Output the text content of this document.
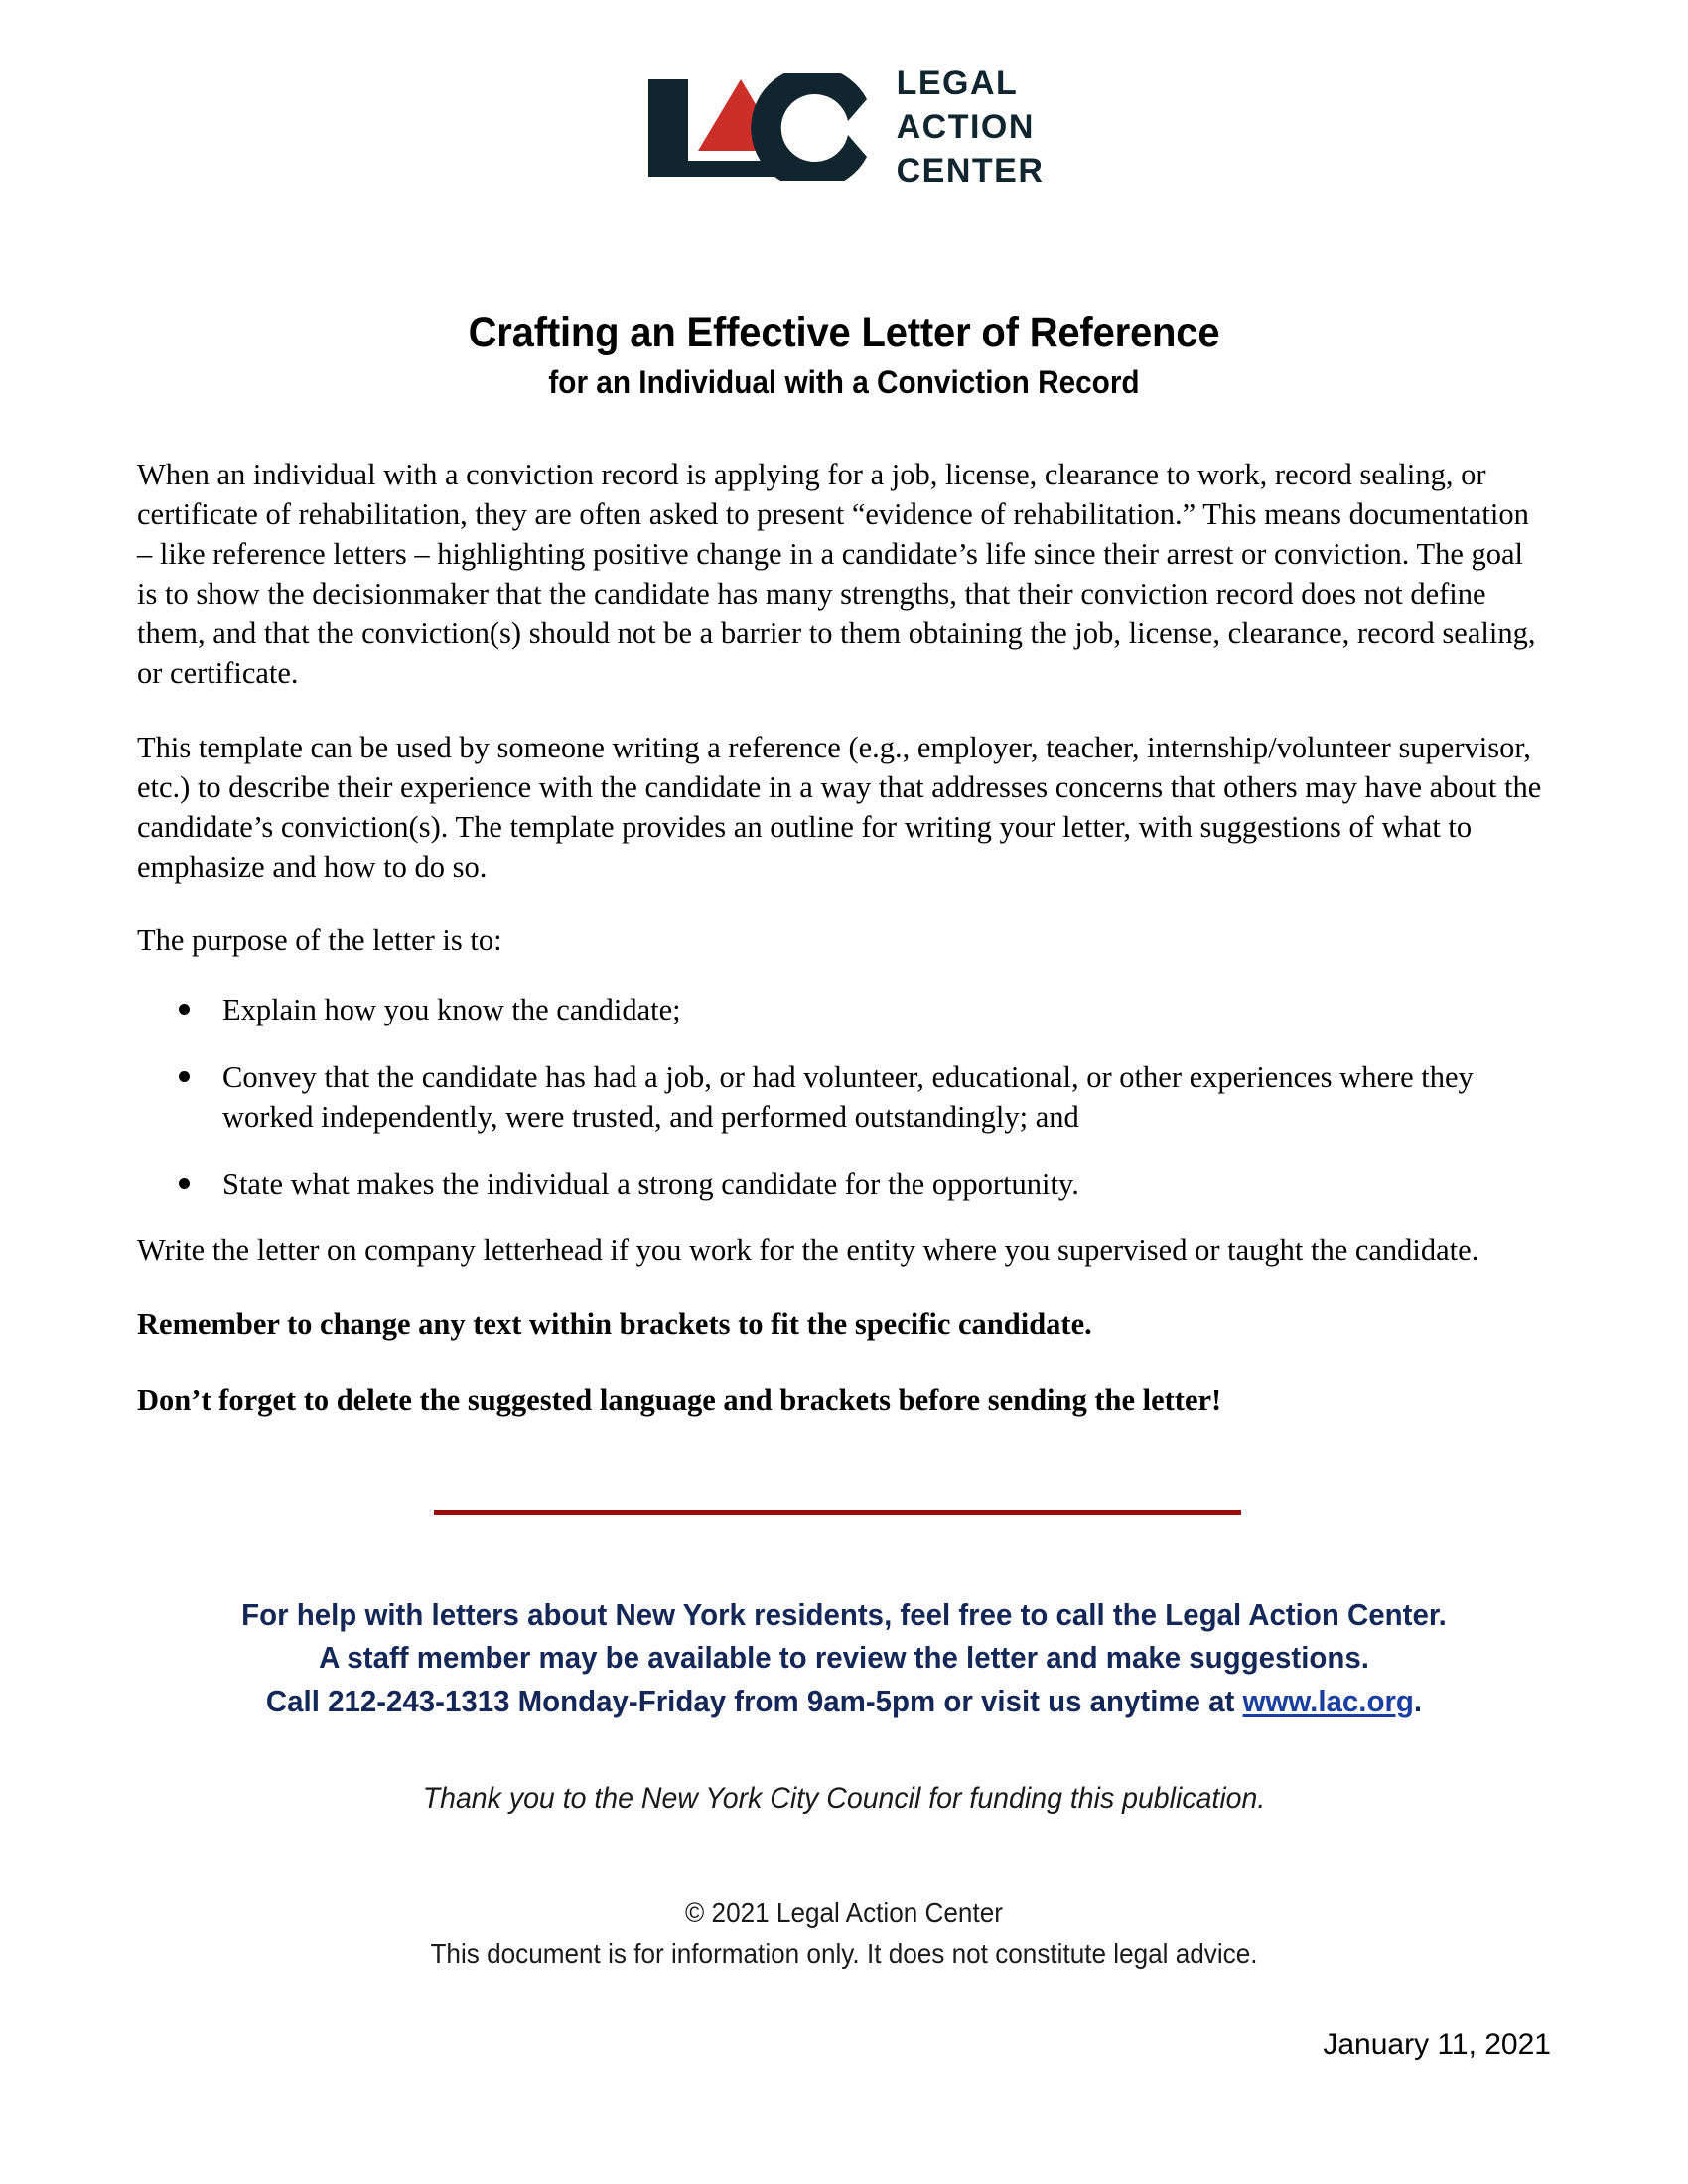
LEGAL
ACTION
CENTER
Crafting an Effective Letter of Reference
for an Individual with a Conviction Record

When an individual with a conviction record is applying for a job, license, clearance to work, record sealing, or certificate of rehabilitation, they are often asked to present “evidence of rehabilitation.” This means documentation – like reference letters – highlighting positive change in a candidate’s life since their arrest or conviction. The goal is to show the decisionmaker that the candidate has many strengths, that their conviction record does not define them, and that the conviction(s) should not be a barrier to them obtaining the job, license, clearance, record sealing, or certificate.

This template can be used by someone writing a reference (e.g., employer, teacher, internship/volunteer supervisor, etc.) to describe their experience with the candidate in a way that addresses concerns that others may have about the candidate’s conviction(s). The template provides an outline for writing your letter, with suggestions of what to emphasize and how to do so.

The purpose of the letter is to:

Explain how you know the candidate;
Convey that the candidate has had a job, or had volunteer, educational, or other experiences where they worked independently, were trusted, and performed outstandingly; and
State what makes the individual a strong candidate for the opportunity.

Write the letter on company letterhead if you work for the entity where you supervised or taught the candidate.

Remember to change any text within brackets to fit the specific candidate.

Don’t forget to delete the suggested language and brackets before sending the letter!

For help with letters about New York residents, feel free to call the Legal Action Center.
A staff member may be available to review the letter and make suggestions.
Call 212-243-1313 Monday-Friday from 9am-5pm or visit us anytime at www.lac.org.
Thank you to the New York City Council for funding this publication.
© 2021 Legal Action Center
This document is for information only. It does not constitute legal advice.
January 11, 2021
